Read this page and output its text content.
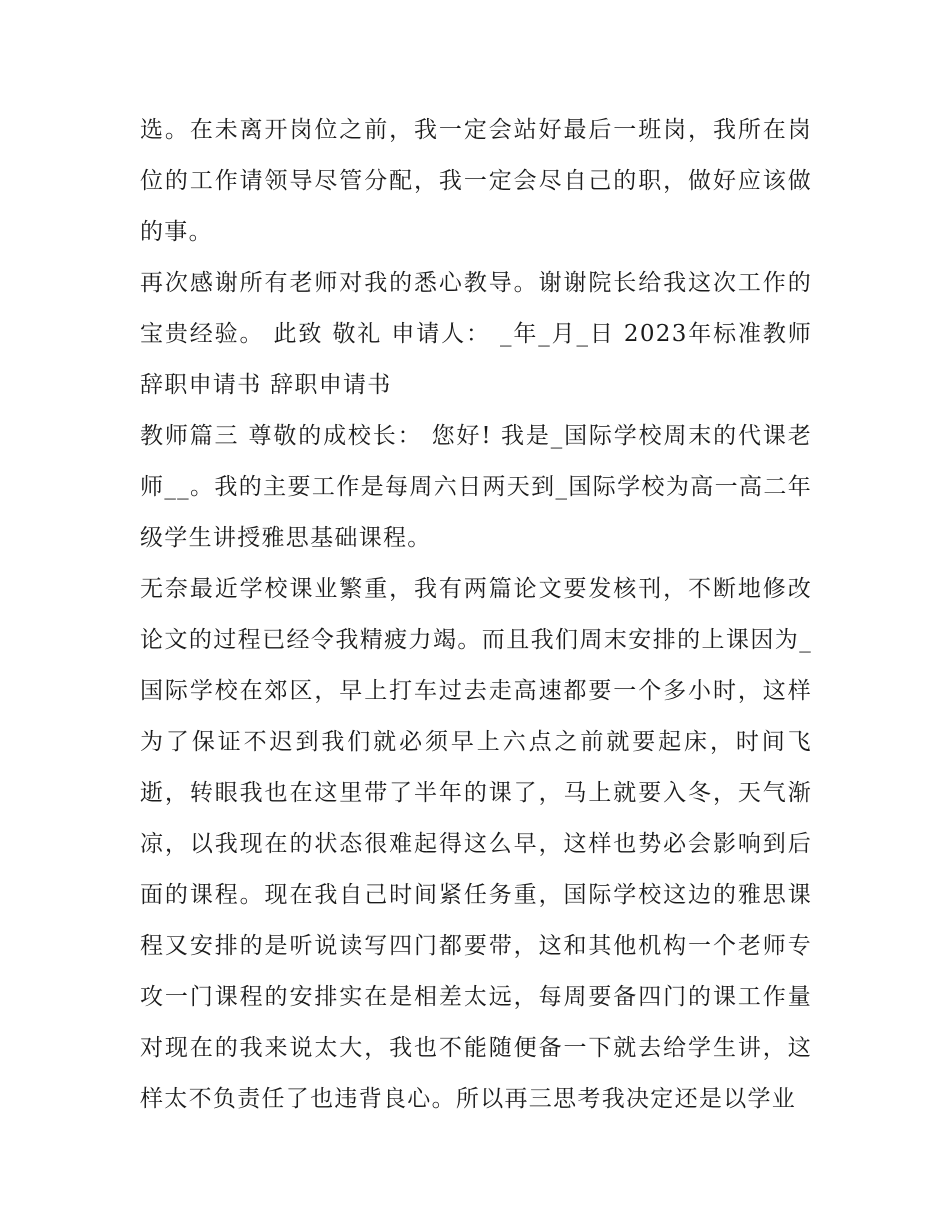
选。在未离开岗位之前，我一定会站好最后一班岗，我所在岗位的工作请领导尽管分配，我一定会尽自己的职，做好应该做的事。

再次感谢所有老师对我的悉心教导。谢谢院长给我这次工作的宝贵经验。 此致 敬礼 申请人： _年_月_日 2023年标准教师辞职申请书 辞职申请书

教师篇三 尊敬的成校长： 您好! 我是_国际学校周末的代课老师__。我的主要工作是每周六日两天到_国际学校为高一高二年级学生讲授雅思基础课程。

无奈最近学校课业繁重，我有两篇论文要发核刊，不断地修改论文的过程已经令我精疲力竭。而且我们周末安排的上课因为_国际学校在郊区，早上打车过去走高速都要一个多小时，这样为了保证不迟到我们就必须早上六点之前就要起床，时间飞逝，转眼我也在这里带了半年的课了，马上就要入冬，天气渐凉，以我现在的状态很难起得这么早，这样也势必会影响到后面的课程。现在我自己时间紧任务重，国际学校这边的雅思课程又安排的是听说读写四门都要带，这和其他机构一个老师专攻一门课程的安排实在是相差太远，每周要备四门的课工作量对现在的我来说太大，我也不能随便备一下就去给学生讲，这样太不负责任了也违背良心。所以再三思考我决定还是以学业
